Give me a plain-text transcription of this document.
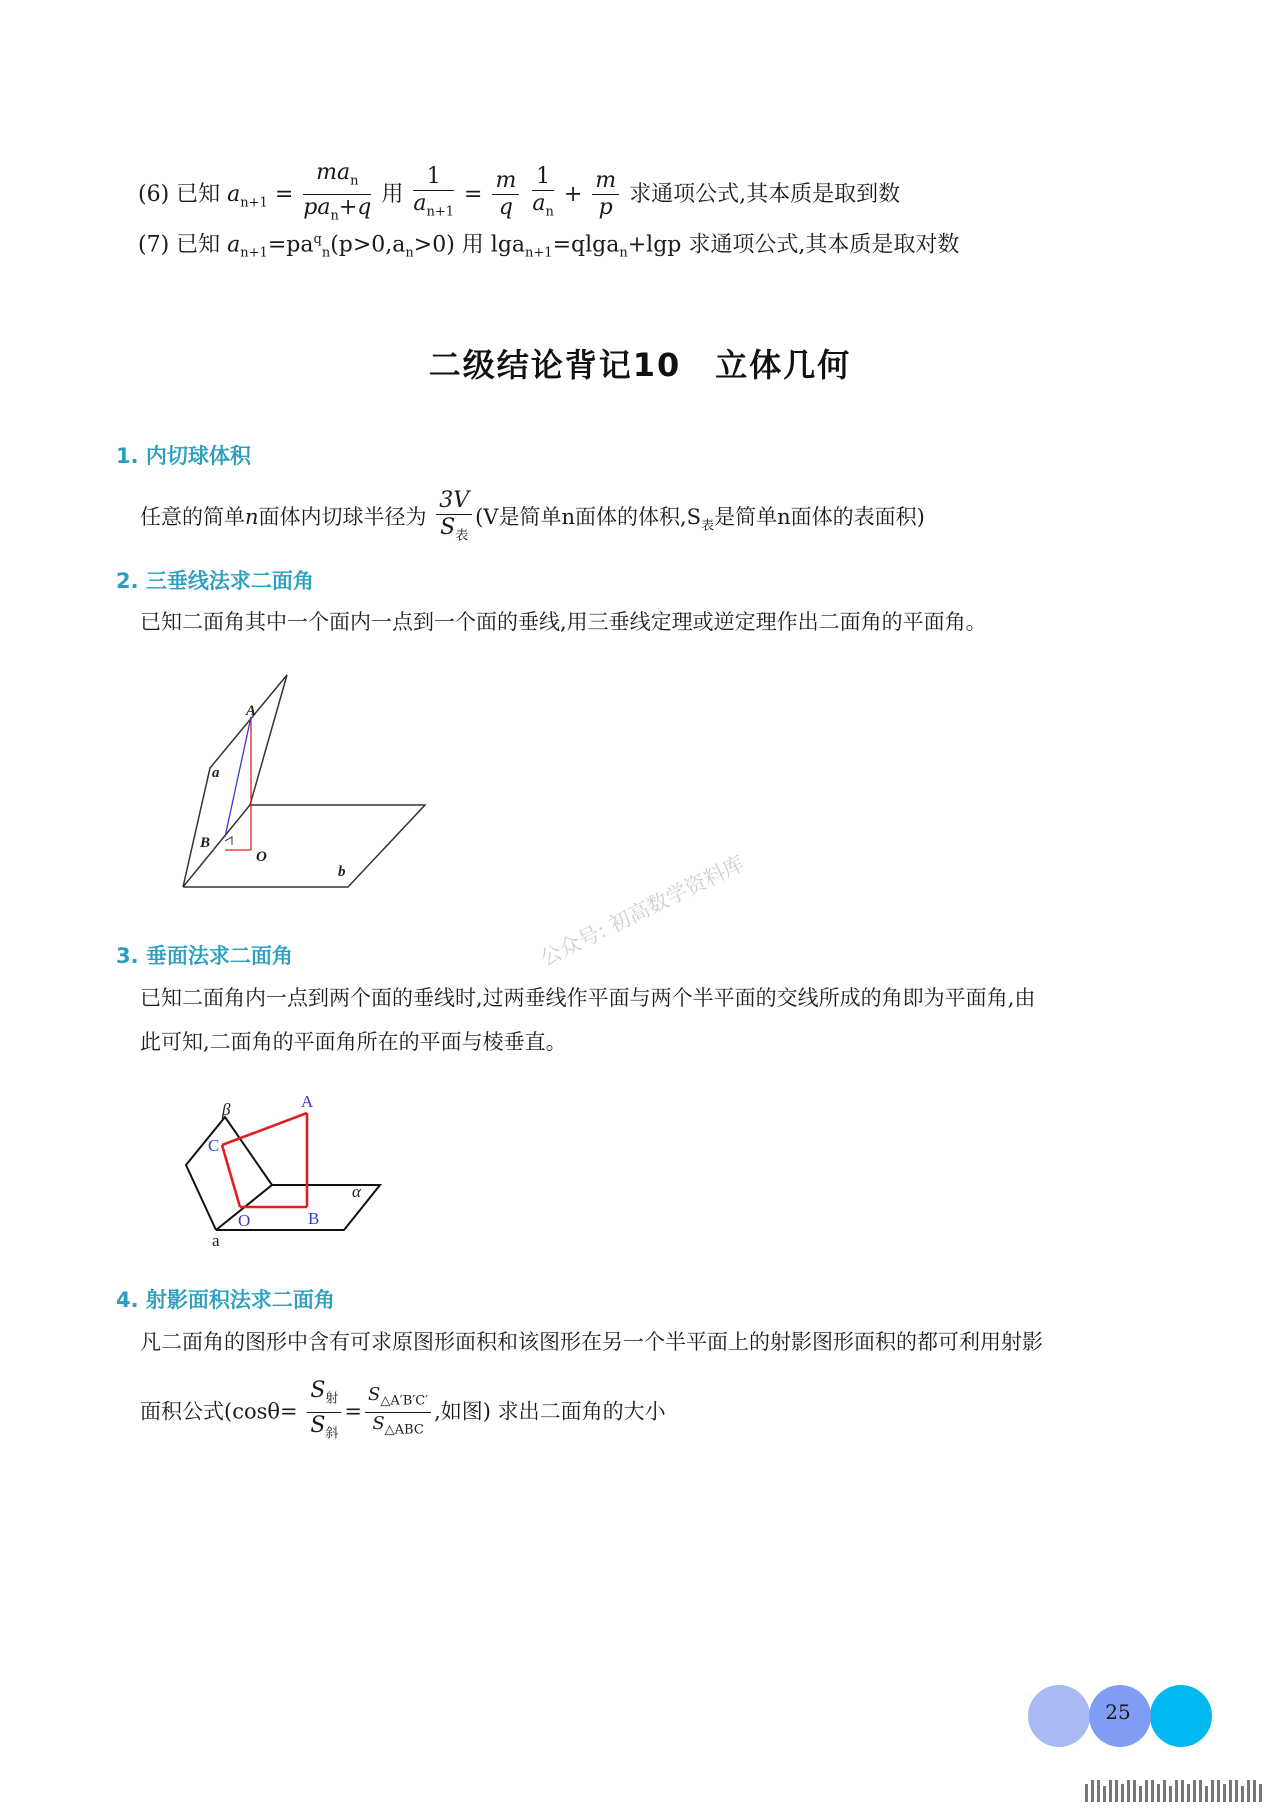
(6) 已知 $a_{n+1} = \frac{ma_n}{pa_n+q}$ 用 $\frac{1}{a_{n+1}} = \frac{m}{q}$
$\frac{1}{a_n} + \frac{m}{p}$ 求通项公式,其本质是取到数
(7) 已知 $a_{n+1}=pa^q_n(p>0,a_n>0)$ 用 lga$_{n+1}$=qlga$_n$+lgp 求通项公式,其本质是取对数
二级结论背记10　立体几何
1. 内切球体积
任意的简单n面体内切球半径为 $\frac{3V}{S_表} (V$是简单n面体的体积$,S_表$是简单n面体的表面积)
2. 三垂线法求二面角
已知二面角其中一个面内一点到一个面的垂线,用三垂线定理或逆定理作出二面角的平面角。
A
a
B
O
b	公众号: 初高数学资料库
3. 垂面法求二面角
已知二面角内一点到两个面的垂线时,过两垂线作平面与两个半平面的交线所成的角即为平面角,由
此可知,二面角的平面角所在的平面与棱垂直。
β	A
C
α
O	B
a
4. 射影面积法求二面角
凡二面角的图形中含有可求原图形面积和该图形在另一个半平面上的射影图形面积的都可利用射影
面积公式($\cos\theta= \frac{S_射}{S_斜} = \frac{S_{\triangle A'B'C'}}{S_{\triangle ABC}}$ ,如图) 求出二面角的大小
25
